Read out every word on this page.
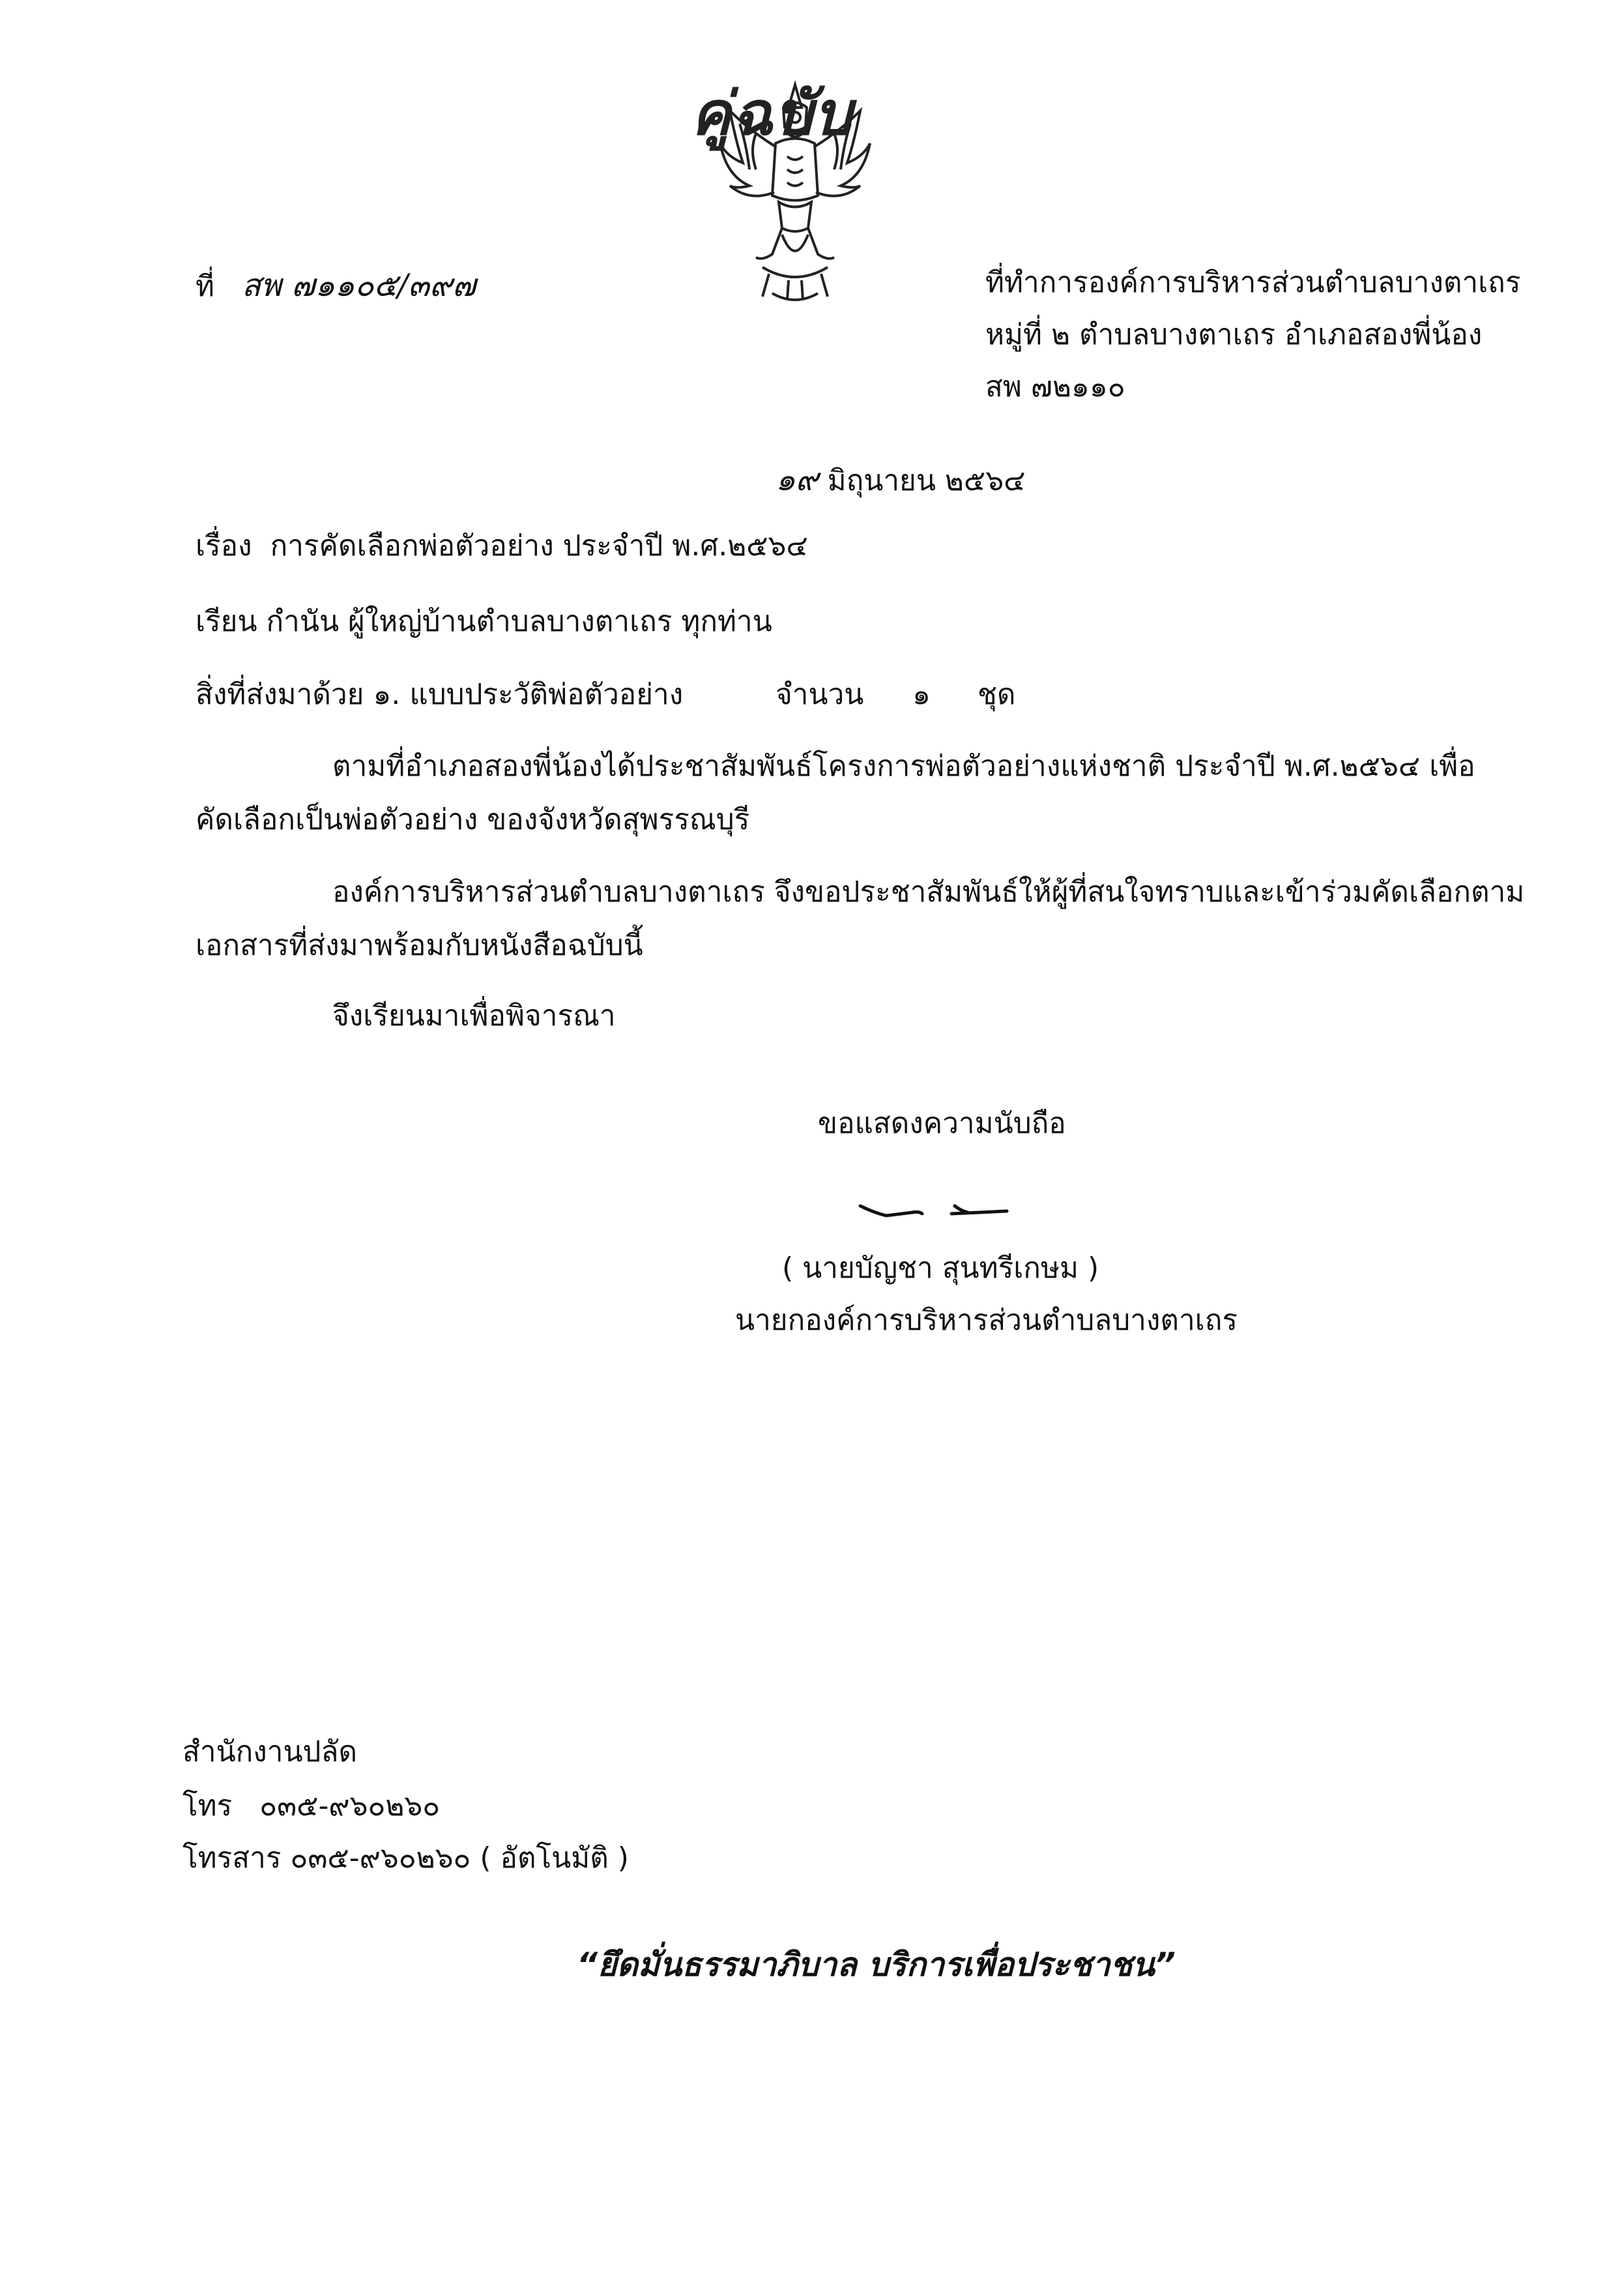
คู่ฉบับ
ที่ สพ ๗๑๑๐๕/๓๙๗	ที่ทำการองค์การบริหารส่วนตำบลบางตาเถร
หมู่ที่ ๒ ตำบลบางตาเถร อำเภอสองพี่น้อง
สพ ๗๒๑๑๐
๑๙ มิถุนายน ๒๕๖๔
เรื่อง การคัดเลือกพ่อตัวอย่าง ประจำปี พ.ศ.๒๕๖๔
เรียน กำนัน ผู้ใหญ่บ้านตำบลบางตาเถร ทุกท่าน
สิ่งที่ส่งมาด้วย ๑. แบบประวัติพ่อตัวอย่าง	จำนวน ๑ ชุด
ตามที่อำเภอสองพี่น้องได้ประชาสัมพันธ์โครงการพ่อตัวอย่างแห่งชาติ ประจำปี พ.ศ.๒๕๖๔ เพื่อ
คัดเลือกเป็นพ่อตัวอย่าง ของจังหวัดสุพรรณบุรี
องค์การบริหารส่วนตำบลบางตาเถร จึงขอประชาสัมพันธ์ให้ผู้ที่สนใจทราบและเข้าร่วมคัดเลือกตาม
เอกสารที่ส่งมาพร้อมกับหนังสือฉบับนี้
จึงเรียนมาเพื่อพิจารณา
ขอแสดงความนับถือ
( นายบัญชา สุนทรีเกษม )
นายกองค์การบริหารส่วนตำบลบางตาเถร
สำนักงานปลัด
โทร ๐๓๕-๙๖๐๒๖๐
โทรสาร ๐๓๕-๙๖๐๒๖๐ ( อัตโนมัติ )
“ยึดมั่นธรรมาภิบาล บริการเพื่อประชาชน”
